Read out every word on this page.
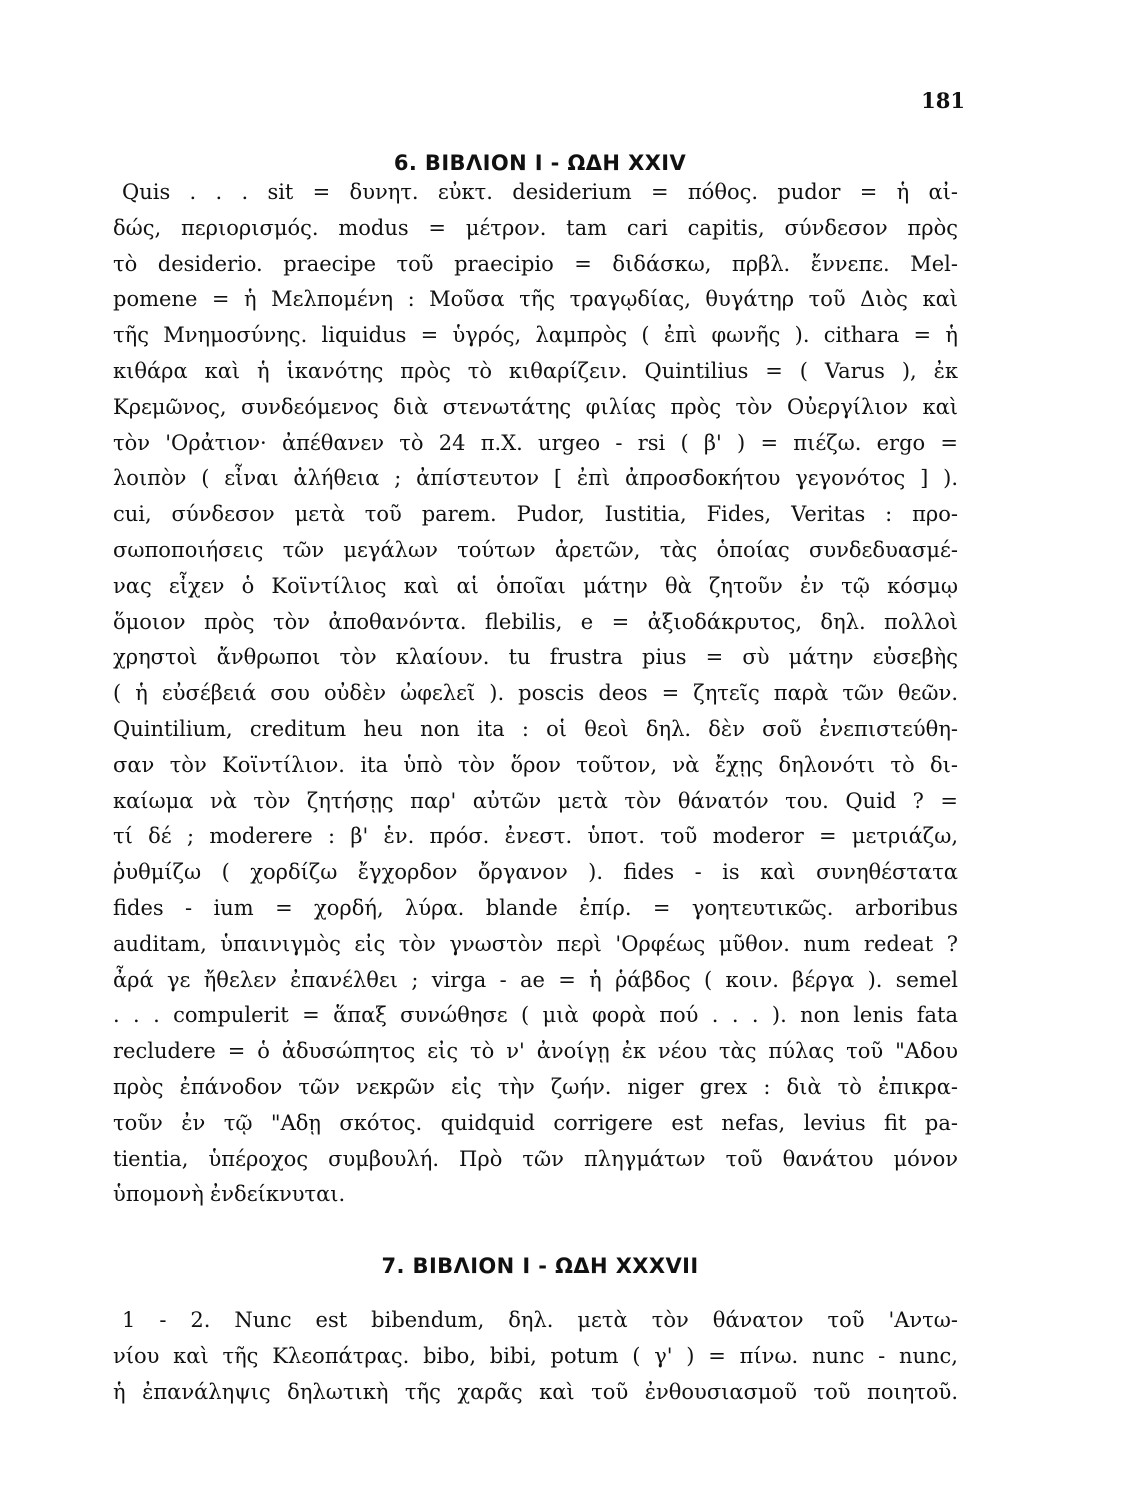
181
6. ΒΙΒΛΙΟΝ Ι - ΩΔΗ XXIV
Quis . . . sit = δυνητ. εὐκτ. desiderium = πόθος. pudor = ἡ αἰ-
δώς, περιορισμός. modus = μέτρον. tam cari capitis, σύνδεσον πρὸς
τὸ desiderio. praecipe τοῦ praecipio = διδάσκω, πρβλ. ἔννεπε. Mel-
pomene = ἡ Μελπομένη : Μοῦσα τῆς τραγῳδίας, θυγάτηρ τοῦ Διὸς καὶ
τῆς Μνημοσύνης. liquidus = ὑγρός, λαμπρὸς ( ἐπὶ φωνῆς ). cithara = ἡ
κιθάρα καὶ ἡ ἱκανότης πρὸς τὸ κιθαρίζειν. Quintilius = ( Varus ), ἐκ
Κρεμῶνος, συνδεόμενος διὰ στενωτάτης φιλίας πρὸς τὸν Οὐεργίλιον καὶ
τὸν 'Ορἀτιον· ἀπέθανεν τὸ 24 π.Χ. urgeo - rsi ( β' ) = πιέζω. ergo =
λοιπὸν ( εἶναι ἀλήθεια ; ἀπίστευτον [ ἐπὶ ἀπροσδοκήτου γεγονότος ] ).
cui, σύνδεσον μετὰ τοῦ parem. Pudor, Iustitia, Fides, Veritas : προ-
σωποποιήσεις τῶν μεγάλων τούτων ἀρετῶν, τὰς ὁποίας συνδεδυασμέ-
νας εἶχεν ὁ Κοϊντίλιος καὶ αἱ ὁποῖαι μάτην θὰ ζητοῦν ἐν τῷ κόσμῳ
ὅμοιον πρὸς τὸν ἀποθανόντα. flebilis, e = ἀξιοδάκρυτος, δηλ. πολλοὶ
χρηστοὶ ἄνθρωποι τὸν κλαίουν. tu frustra pius = σὺ μάτην εὐσεβὴς
( ἡ εὐσέβειά σου οὐδὲν ὠφελεῖ ). poscis deos = ζητεῖς παρὰ τῶν θεῶν.
Quintilium, creditum heu non ita : οἱ θεοὶ δηλ. δὲν σοῦ ἐνεπιστεύθη-
σαν τὸν Κοϊντίλιον. ita ὑπὸ τὸν ὅρον τοῦτον, νὰ ἔχῃς δηλονότι τὸ δι-
καίωμα νὰ τὸν ζητήσῃς παρ' αὐτῶν μετὰ τὸν θάνατόν του. Quid ? =
τί δέ ; moderere : β' ἑν. πρόσ. ἐνεστ. ὑποτ. τοῦ moderor = μετριάζω,
ῥυθμίζω ( χορδίζω ἔγχορδον ὄργανον ). fides - is καὶ συνηθέστατα
fides - ium = χορδή, λύρα. blande ἐπίρ. = γοητευτικῶς. arboribus
auditam, ὑπαινιγμὸς εἰς τὸν γνωστὸν περὶ 'Ορφέως μῦθον. num redeat ?
ἆρά γε ἤθελεν ἐπανέλθει ; virga - ae = ἡ ῥάβδος ( κοιν. βέργα ). semel
. . . compulerit = ἅπαξ συνώθησε ( μιὰ φορὰ πού . . . ). non lenis fata
recludere = ὁ ἀδυσώπητος εἰς τὸ ν' ἀνοίγῃ ἐκ νέου τὰς πύλας τοῦ "Αδου
πρὸς ἐπάνοδον τῶν νεκρῶν εἰς τὴν ζωήν. niger grex : διὰ τὸ ἐπικρα-
τοῦν ἐν τῷ "Αδῃ σκότος. quidquid corrigere est nefas, levius fit pa-
tientia, ὑπέροχος συμβουλή. Πρὸ τῶν πληγμάτων τοῦ θανάτου μόνον
ὑπομονὴ ἐνδείκνυται.
7. ΒΙΒΛΙΟΝ Ι - ΩΔΗ XXXVII
1 - 2. Nunc est bibendum, δηλ. μετὰ τὸν θάνατον τοῦ 'Αντω-
νίου καὶ τῆς Κλεοπάτρας. bibo, bibi, potum ( γ' ) = πίνω. nunc - nunc,
ἡ ἐπανάληψις δηλωτικὴ τῆς χαρᾶς καὶ τοῦ ἐνθουσιασμοῦ τοῦ ποιητοῦ.
